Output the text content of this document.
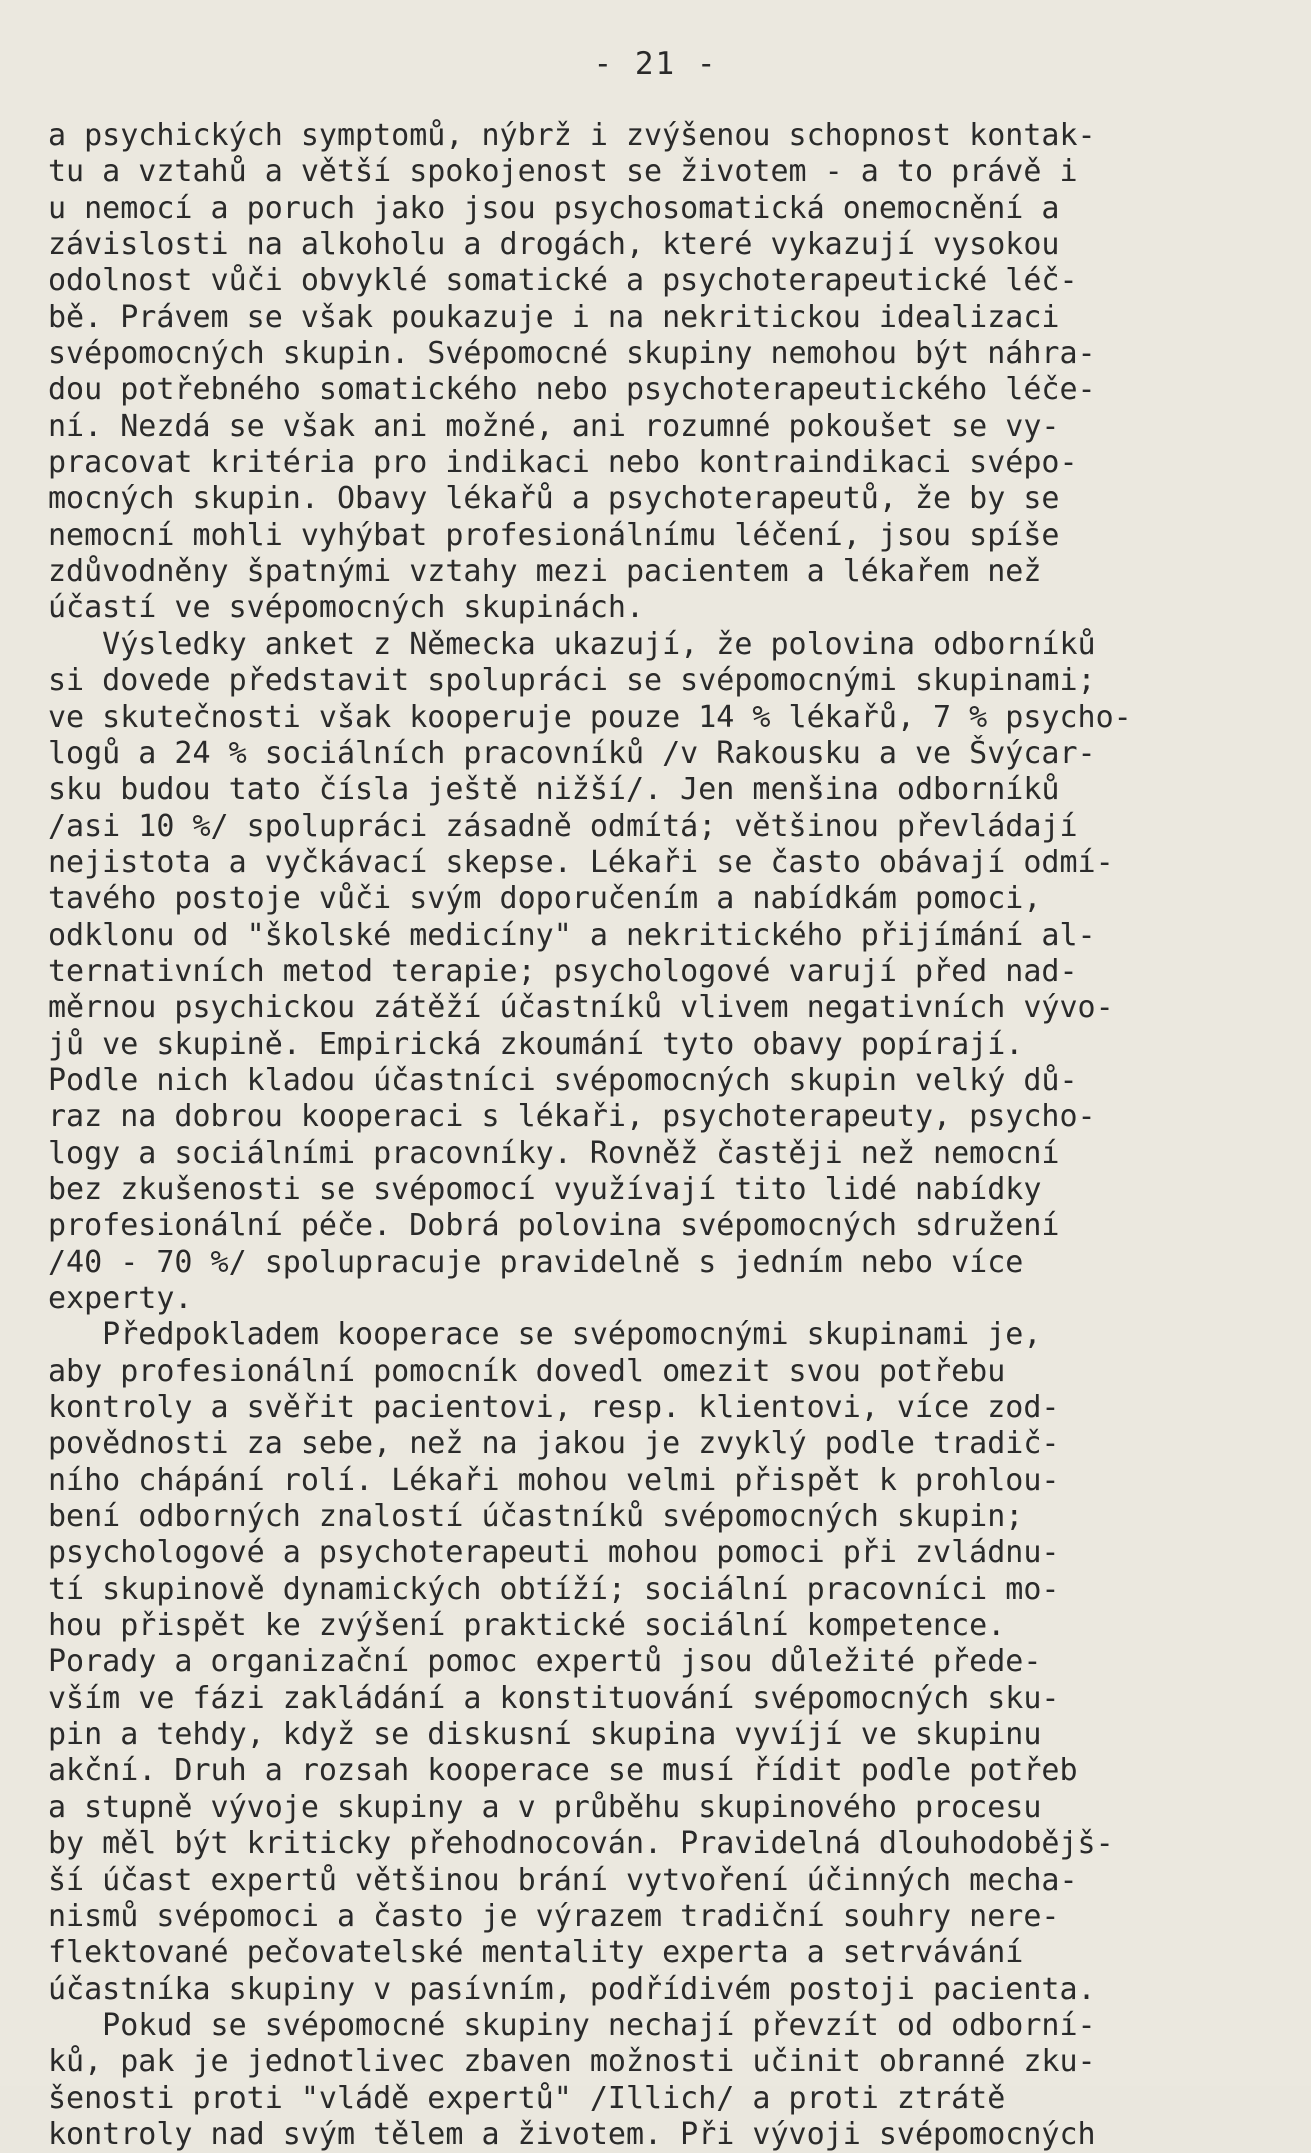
- 21 -
a psychických symptomů, nýbrž i zvýšenou schopnost kontak-
tu a vztahů a větší spokojenost se životem - a to právě i
u nemocí a poruch jako jsou psychosomatická onemocnění a
závislosti na alkoholu a drogách, které vykazují vysokou
odolnost vůči obvyklé somatické a psychoterapeutické léč-
bě. Právem se však poukazuje i na nekritickou idealizaci
svépomocných skupin. Svépomocné skupiny nemohou být náhra-
dou potřebného somatického nebo psychoterapeutického léče-
ní. Nezdá se však ani možné, ani rozumné pokoušet se vy-
pracovat kritéria pro indikaci nebo kontraindikaci svépo-
mocných skupin. Obavy lékařů a psychoterapeutů, že by se
nemocní mohli vyhýbat profesionálnímu léčení, jsou spíše
zdůvodněny špatnými vztahy mezi pacientem a lékařem než
účastí ve svépomocných skupinách.
Výsledky anket z Německa ukazují, že polovina odborníků
si dovede představit spolupráci se svépomocnými skupinami;
ve skutečnosti však kooperuje pouze 14 % lékařů, 7 % psycho-
logů a 24 % sociálních pracovníků /v Rakousku a ve Švýcar-
sku budou tato čísla ještě nižší/. Jen menšina odborníků
/asi 10 %/ spolupráci zásadně odmítá; většinou převládají
nejistota a vyčkávací skepse. Lékaři se často obávají odmí-
tavého postoje vůči svým doporučením a nabídkám pomoci,
odklonu od "školské medicíny" a nekritického přijímání al-
ternativních metod terapie; psychologové varují před nad-
měrnou psychickou zátěží účastníků vlivem negativních vývo-
jů ve skupině. Empirická zkoumání tyto obavy popírají.
Podle nich kladou účastníci svépomocných skupin velký dů-
raz na dobrou kooperaci s lékaři, psychoterapeuty, psycho-
logy a sociálními pracovníky. Rovněž častěji než nemocní
bez zkušenosti se svépomocí využívají tito lidé nabídky
profesionální péče. Dobrá polovina svépomocných sdružení
/40 - 70 %/ spolupracuje pravidelně s jedním nebo více
experty.
Předpokladem kooperace se svépomocnými skupinami je,
aby profesionální pomocník dovedl omezit svou potřebu
kontroly a svěřit pacientovi, resp. klientovi, více zod-
povědnosti za sebe, než na jakou je zvyklý podle tradič-
ního chápání rolí. Lékaři mohou velmi přispět k prohlou-
bení odborných znalostí účastníků svépomocných skupin;
psychologové a psychoterapeuti mohou pomoci při zvládnu-
tí skupinově dynamických obtíží; sociální pracovníci mo-
hou přispět ke zvýšení praktické sociální kompetence.
Porady a organizační pomoc expertů jsou důležité přede-
vším ve fázi zakládání a konstituování svépomocných sku-
pin a tehdy, když se diskusní skupina vyvíjí ve skupinu
akční. Druh a rozsah kooperace se musí řídit podle potřeb
a stupně vývoje skupiny a v průběhu skupinového procesu
by měl být kriticky přehodnocován. Pravidelná dlouhodobějš-
ší účast expertů většinou brání vytvoření účinných mecha-
nismů svépomoci a často je výrazem tradiční souhry nere-
flektované pečovatelské mentality experta a setrvávání
účastníka skupiny v pasívním, podřídivém postoji pacienta.
Pokud se svépomocné skupiny nechají převzít od odborní-
ků, pak je jednotlivec zbaven možnosti učinit obranné zku-
šenosti proti "vládě expertů" /Illich/ a proti ztrátě
kontroly nad svým tělem a životem. Při vývoji svépomocných
